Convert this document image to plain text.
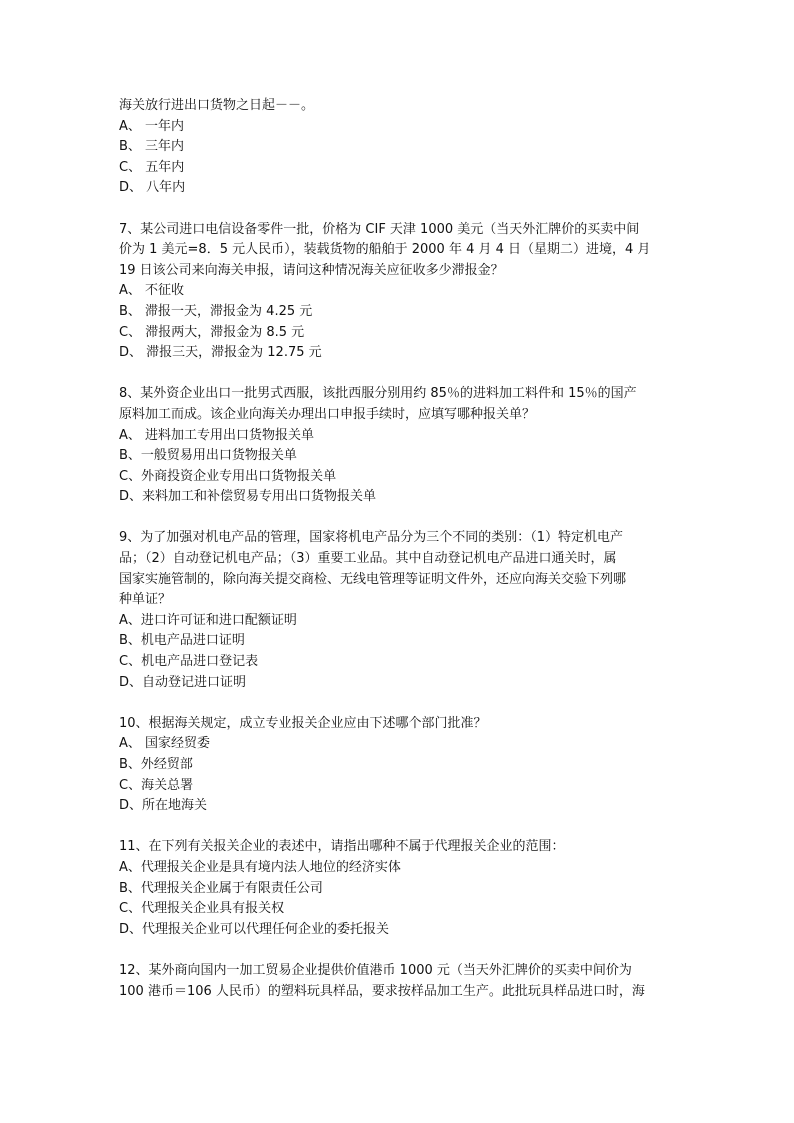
海关放行进出口货物之日起－－。
A、 一年内
B、 三年内
C、 五年内
D、 八年内
7、某公司进口电信设备零件一批，价格为 CIF 天津 1000 美元（当天外汇牌价的买卖中间
价为 1 美元=8．5 元人民币），装载货物的船舶于 2000 年 4 月 4 日（星期二）进境，4 月
19 日该公司来向海关申报，请问这种情况海关应征收多少滞报金？
A、 不征收
B、 滞报一天，滞报金为 4.25 元
C、 滞报两大，滞报金为 8.5 元
D、 滞报三天，滞报金为 12.75 元
8、某外资企业出口一批男式西服，该批西服分别用约 85％的进料加工料件和 15％的国产
原料加工而成。该企业向海关办理出口申报手续时，应填写哪种报关单？
A、 进料加工专用出口货物报关单
B、一般贸易用出口货物报关单
C、外商投资企业专用出口货物报关单
D、来料加工和补偿贸易专用出口货物报关单
9、为了加强对机电产品的管理，国家将机电产品分为三个不同的类别：（1）特定机电产
品；（2）自动登记机电产品；（3）重要工业品。其中自动登记机电产品进口通关时，属
国家实施管制的，除向海关提交商检、无线电管理等证明文件外，还应向海关交验下列哪
种单证？
A、进口许可证和进口配额证明
B、机电产品进口证明
C、机电产品进口登记表
D、自动登记进口证明
10、根据海关规定，成立专业报关企业应由下述哪个部门批准？
A、 国家经贸委
B、外经贸部
C、海关总署
D、所在地海关
11、在下列有关报关企业的表述中，请指出哪种不属于代理报关企业的范围：
A、代理报关企业是具有境内法人地位的经济实体
B、代理报关企业属于有限责任公司
C、代理报关企业具有报关权
D、代理报关企业可以代理任何企业的委托报关
12、某外商向国内一加工贸易企业提供价值港币 1000 元（当天外汇牌价的买卖中间价为
100 港币＝106 人民币）的塑料玩具样品，要求按样品加工生产。此批玩具样品进口时，海
